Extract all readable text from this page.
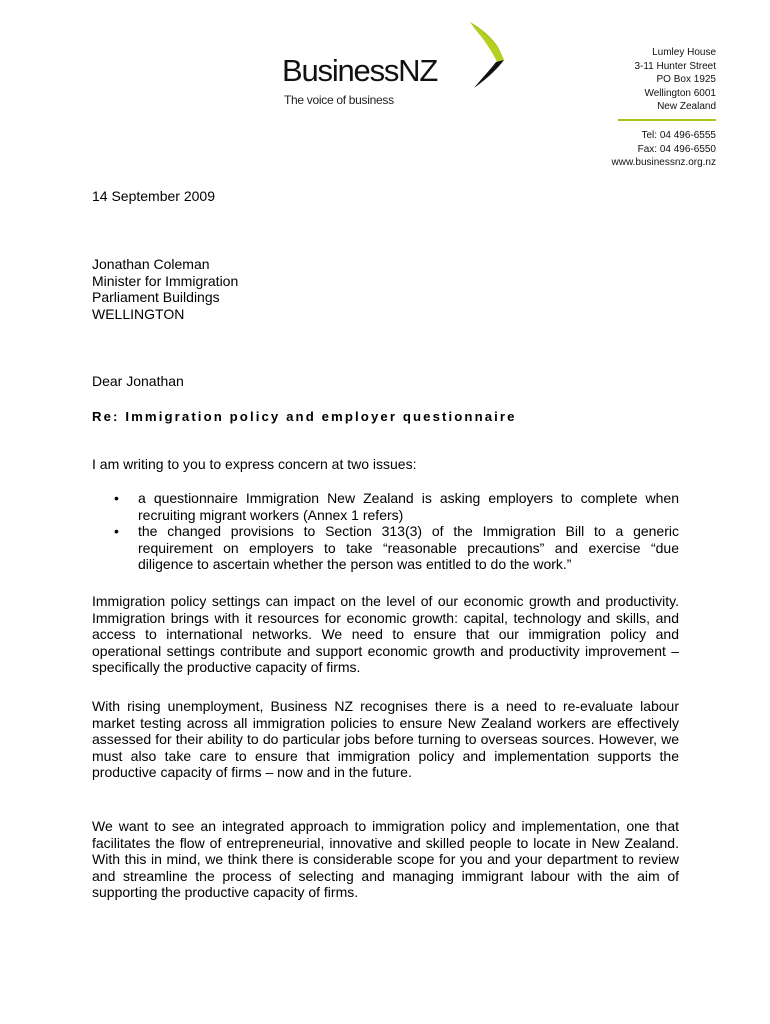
BusinessNZ
The voice of business
Lumley House
3-11 Hunter Street
PO Box 1925
Wellington 6001
New Zealand
Tel: 04 496-6555
Fax: 04 496-6550
www.businessnz.org.nz
14 September 2009
Jonathan Coleman
Minister for Immigration
Parliament Buildings
WELLINGTON
Dear Jonathan
Re: Immigration policy and employer questionnaire
I am writing to you to express concern at two issues:
• a questionnaire Immigration New Zealand is asking employers to complete when recruiting migrant workers (Annex 1 refers)
• the changed provisions to Section 313(3) of the Immigration Bill to a generic requirement on employers to take “reasonable precautions” and exercise “due diligence to ascertain whether the person was entitled to do the work.”
Immigration policy settings can impact on the level of our economic growth and productivity. Immigration brings with it resources for economic growth: capital, technology and skills, and access to international networks. We need to ensure that our immigration policy and operational settings contribute and support economic growth and productivity improvement – specifically the productive capacity of firms.
With rising unemployment, Business NZ recognises there is a need to re-evaluate labour market testing across all immigration policies to ensure New Zealand workers are effectively assessed for their ability to do particular jobs before turning to overseas sources. However, we must also take care to ensure that immigration policy and implementation supports the productive capacity of firms – now and in the future.
We want to see an integrated approach to immigration policy and implementation, one that facilitates the flow of entrepreneurial, innovative and skilled people to locate in New Zealand. With this in mind, we think there is considerable scope for you and your department to review and streamline the process of selecting and managing immigrant labour with the aim of supporting the productive capacity of firms.
